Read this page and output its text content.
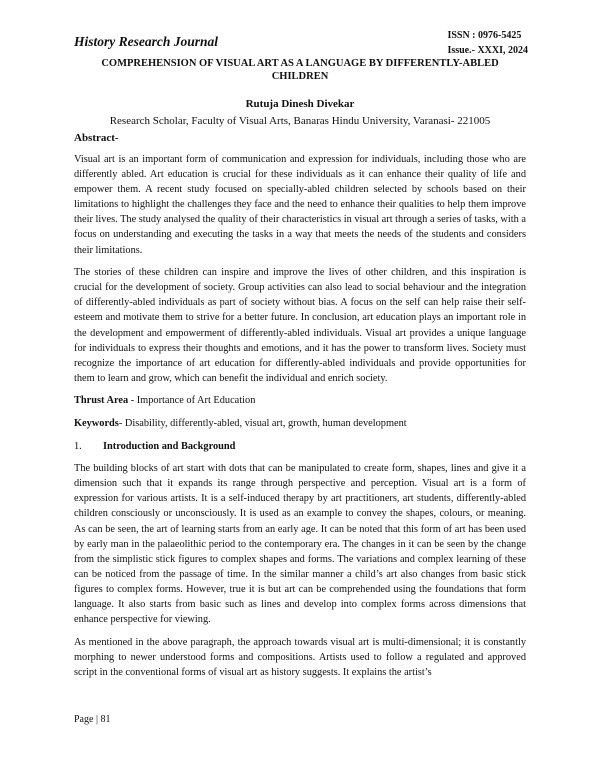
History Research Journal	ISSN : 0976-5425
Issue.- XXXI, 2024
COMPREHENSION OF VISUAL ART AS A LANGUAGE BY DIFFERENTLY-ABLED CHILDREN
Rutuja Dinesh Divekar
Research Scholar, Faculty of Visual Arts, Banaras Hindu University, Varanasi- 221005
Abstract-

Visual art is an important form of communication and expression for individuals, including those who are differently abled. Art education is crucial for these individuals as it can enhance their quality of life and empower them. A recent study focused on specially-abled children selected by schools based on their limitations to highlight the challenges they face and the need to enhance their qualities to help them improve their lives. The study analysed the quality of their characteristics in visual art through a series of tasks, with a focus on understanding and executing the tasks in a way that meets the needs of the students and considers their limitations.

The stories of these children can inspire and improve the lives of other children, and this inspiration is crucial for the development of society. Group activities can also lead to social behaviour and the integration of differently-abled individuals as part of society without bias. A focus on the self can help raise their self-esteem and motivate them to strive for a better future. In conclusion, art education plays an important role in the development and empowerment of differently-abled individuals. Visual art provides a unique language for individuals to express their thoughts and emotions, and it has the power to transform lives. Society must recognize the importance of art education for differently-abled individuals and provide opportunities for them to learn and grow, which can benefit the individual and enrich society.

Thrust Area - Importance of Art Education
Keywords- Disability, differently-abled, visual art, growth, human development
1.	Introduction and Background

The building blocks of art start with dots that can be manipulated to create form, shapes, lines and give it a dimension such that it expands its range through perspective and perception. Visual art is a form of expression for various artists. It is a self-induced therapy by art practitioners, art students, differently-abled children consciously or unconsciously. It is used as an example to convey the shapes, colours, or meaning. As can be seen, the art of learning starts from an early age. It can be noted that this form of art has been used by early man in the palaeolithic period to the contemporary era. The changes in it can be seen by the change from the simplistic stick figures to complex shapes and forms. The variations and complex learning of these can be noticed from the passage of time. In the similar manner a child’s art also changes from basic stick figures to complex forms. However, true it is but art can be comprehended using the foundations that form language. It also starts from basic such as lines and develop into complex forms across dimensions that enhance perspective for viewing.

As mentioned in the above paragraph, the approach towards visual art is multi-dimensional; it is constantly morphing to newer understood forms and compositions. Artists used to follow a regulated and approved script in the conventional forms of visual art as history suggests. It explains the artist’s

Page | 81
